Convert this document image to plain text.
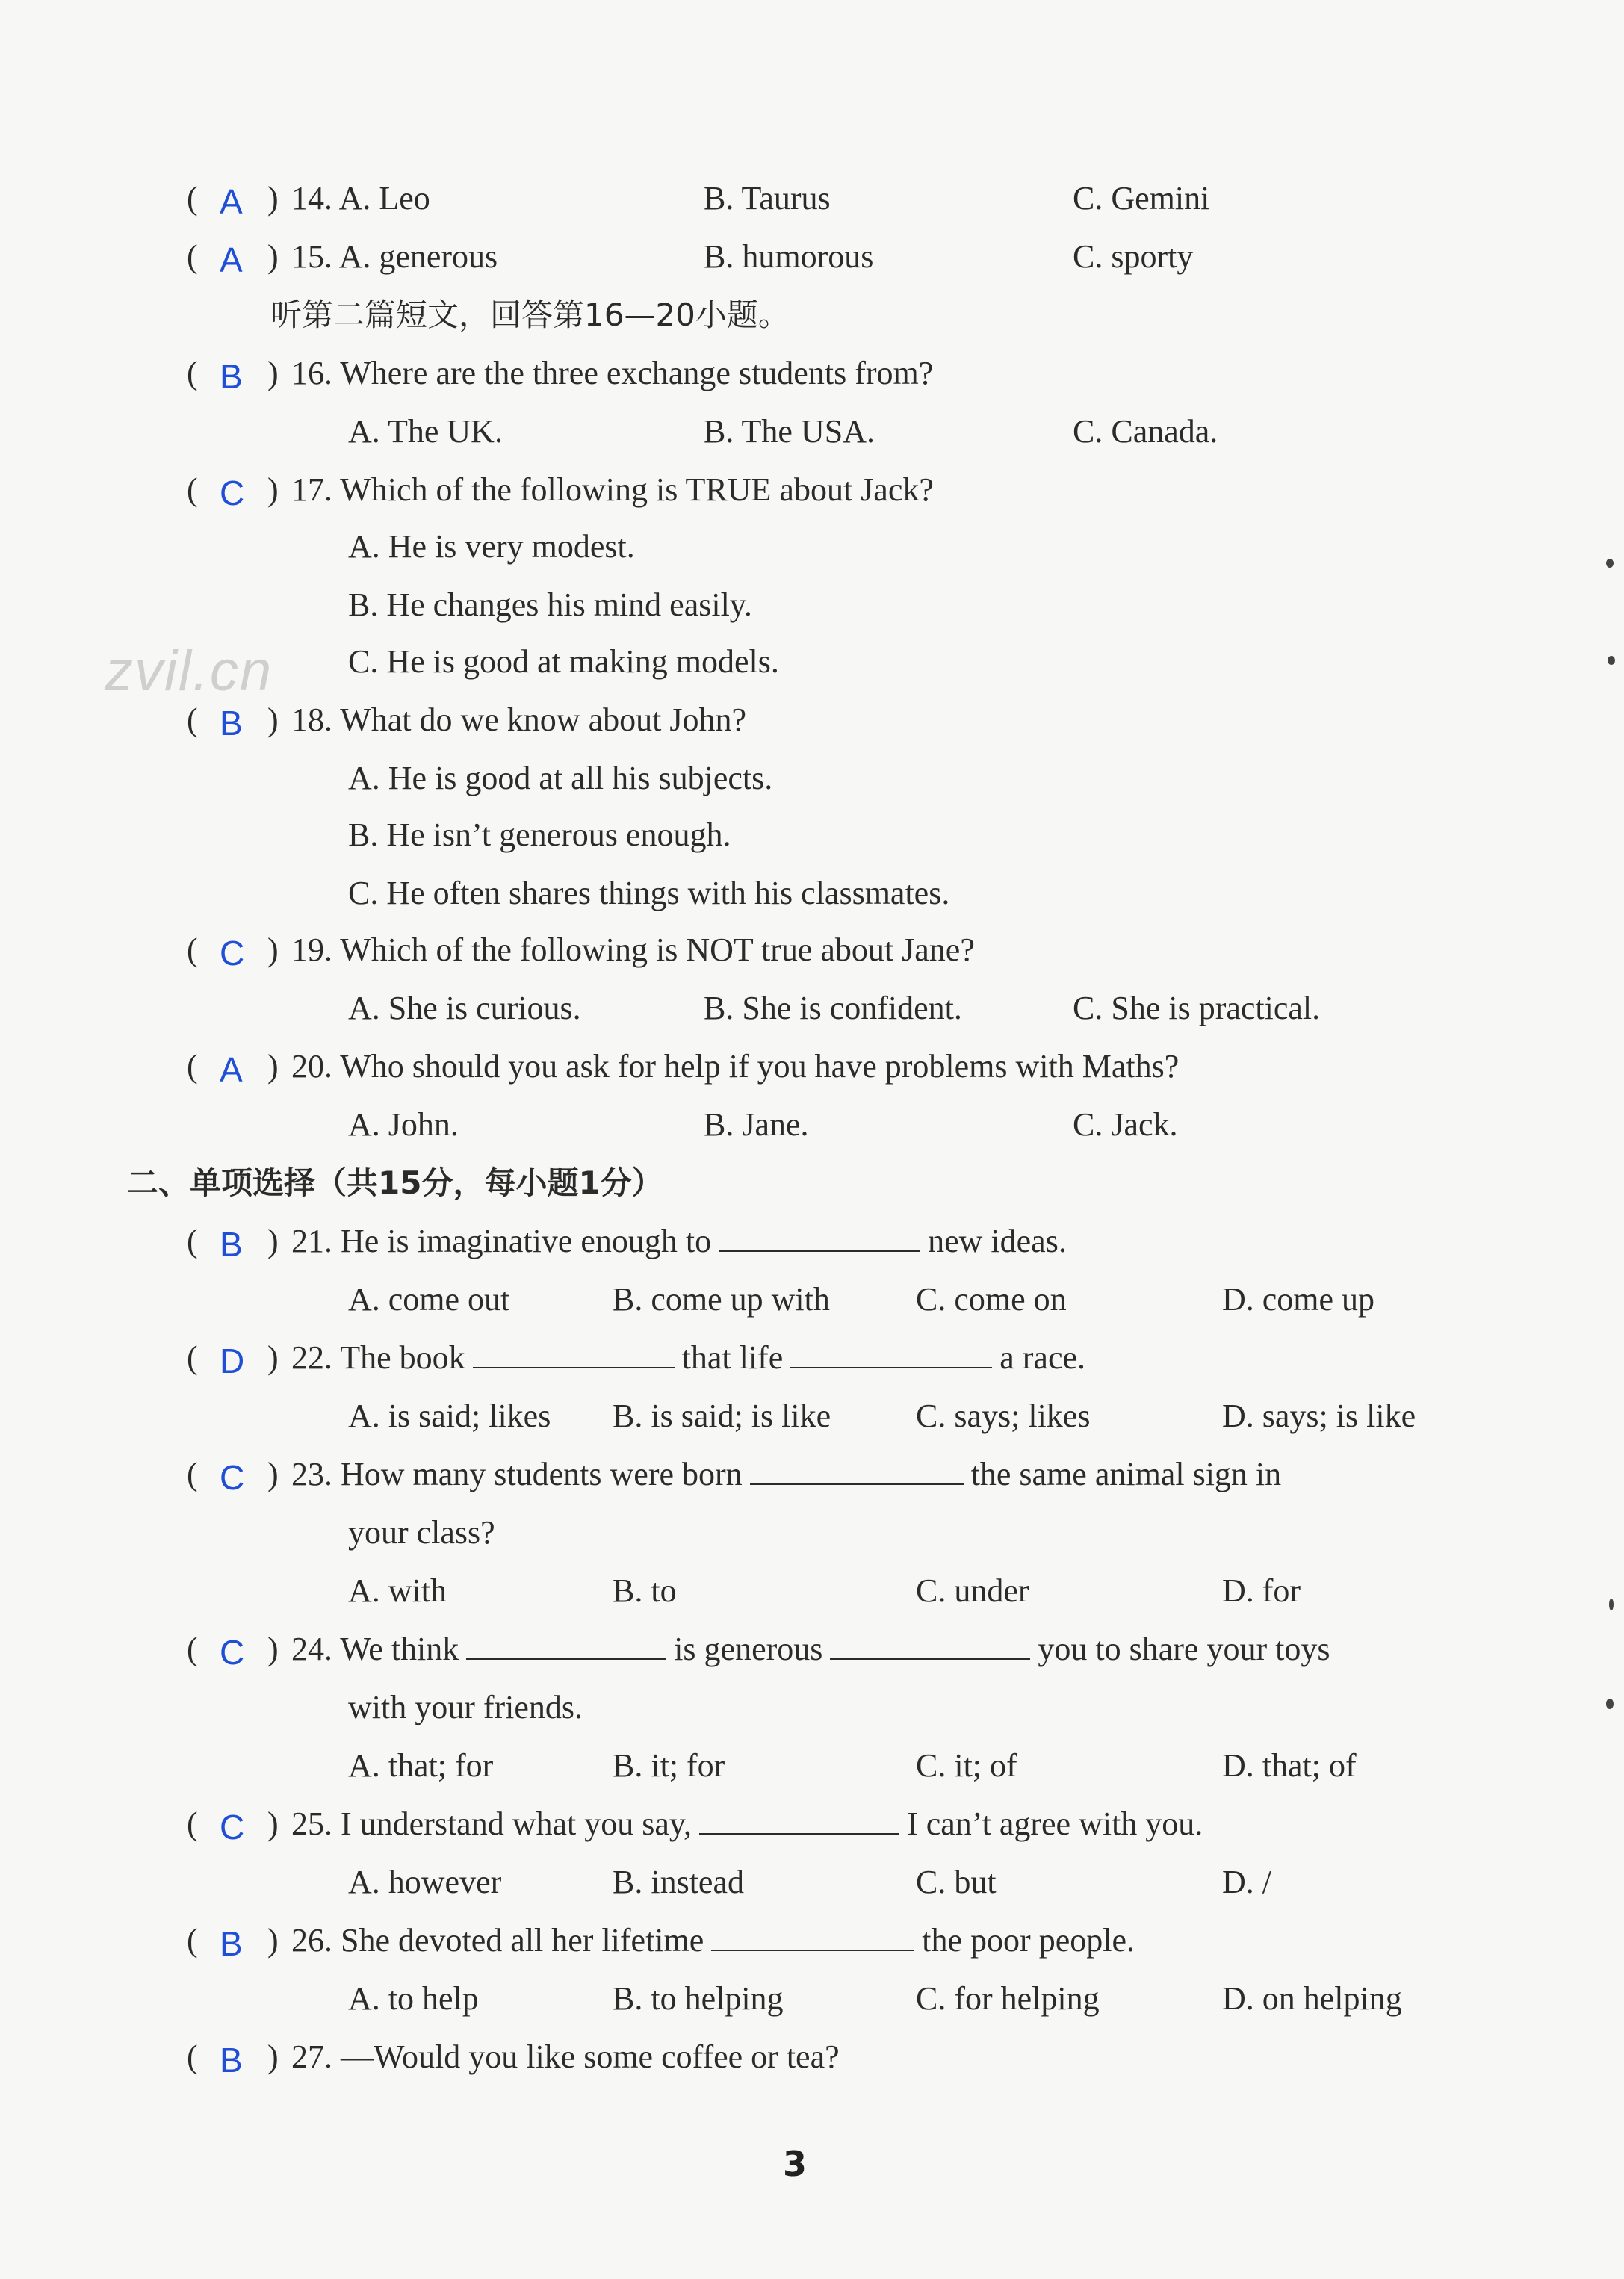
zvil.cn
( A ) 14. A. Leo	B. Taurus	C. Gemini
( A ) 15. A. generous	B. humorous	C. sporty
听第二篇短文，回答第16—20小题。
( B ) 16. Where are the three exchange students from?
A. The UK.	B. The USA.	C. Canada.
( C ) 17. Which of the following is TRUE about Jack?
A. He is very modest.
B. He changes his mind easily.
C. He is good at making models.
( B ) 18. What do we know about John?
A. He is good at all his subjects.
B. He isn’t generous enough.
C. He often shares things with his classmates.
( C ) 19. Which of the following is NOT true about Jane?
A. She is curious.	B. She is confident.	C. She is practical.
( A ) 20. Who should you ask for help if you have problems with Maths?
A. John.	B. Jane.	C. Jack.
二、单项选择（共15分，每小题1分）
( B ) 21. He is imaginative enough to	new ideas.
A. come out	B. come up with	C. come on	D. come up
( D ) 22. The book	that life	a race.
A. is said; likes B. is said; is like	C. says; likes	D. says; is like
( C ) 23. How many students were born	the same animal sign in
your class?
A. with	B. to	C. under	D. for
( C ) 24. We think	is generous	you to share your toys
with your friends.
A. that; for	B. it; for	C. it; of	D. that; of
( C ) 25. I understand what you say,	I can’t agree with you.
A. however	B. instead	C. but	D. /
( B ) 26. She devoted all her lifetime	the poor people.
A. to help	B. to helping	C. for helping	D. on helping
( B ) 27. —Would you like some coffee or tea?
3
